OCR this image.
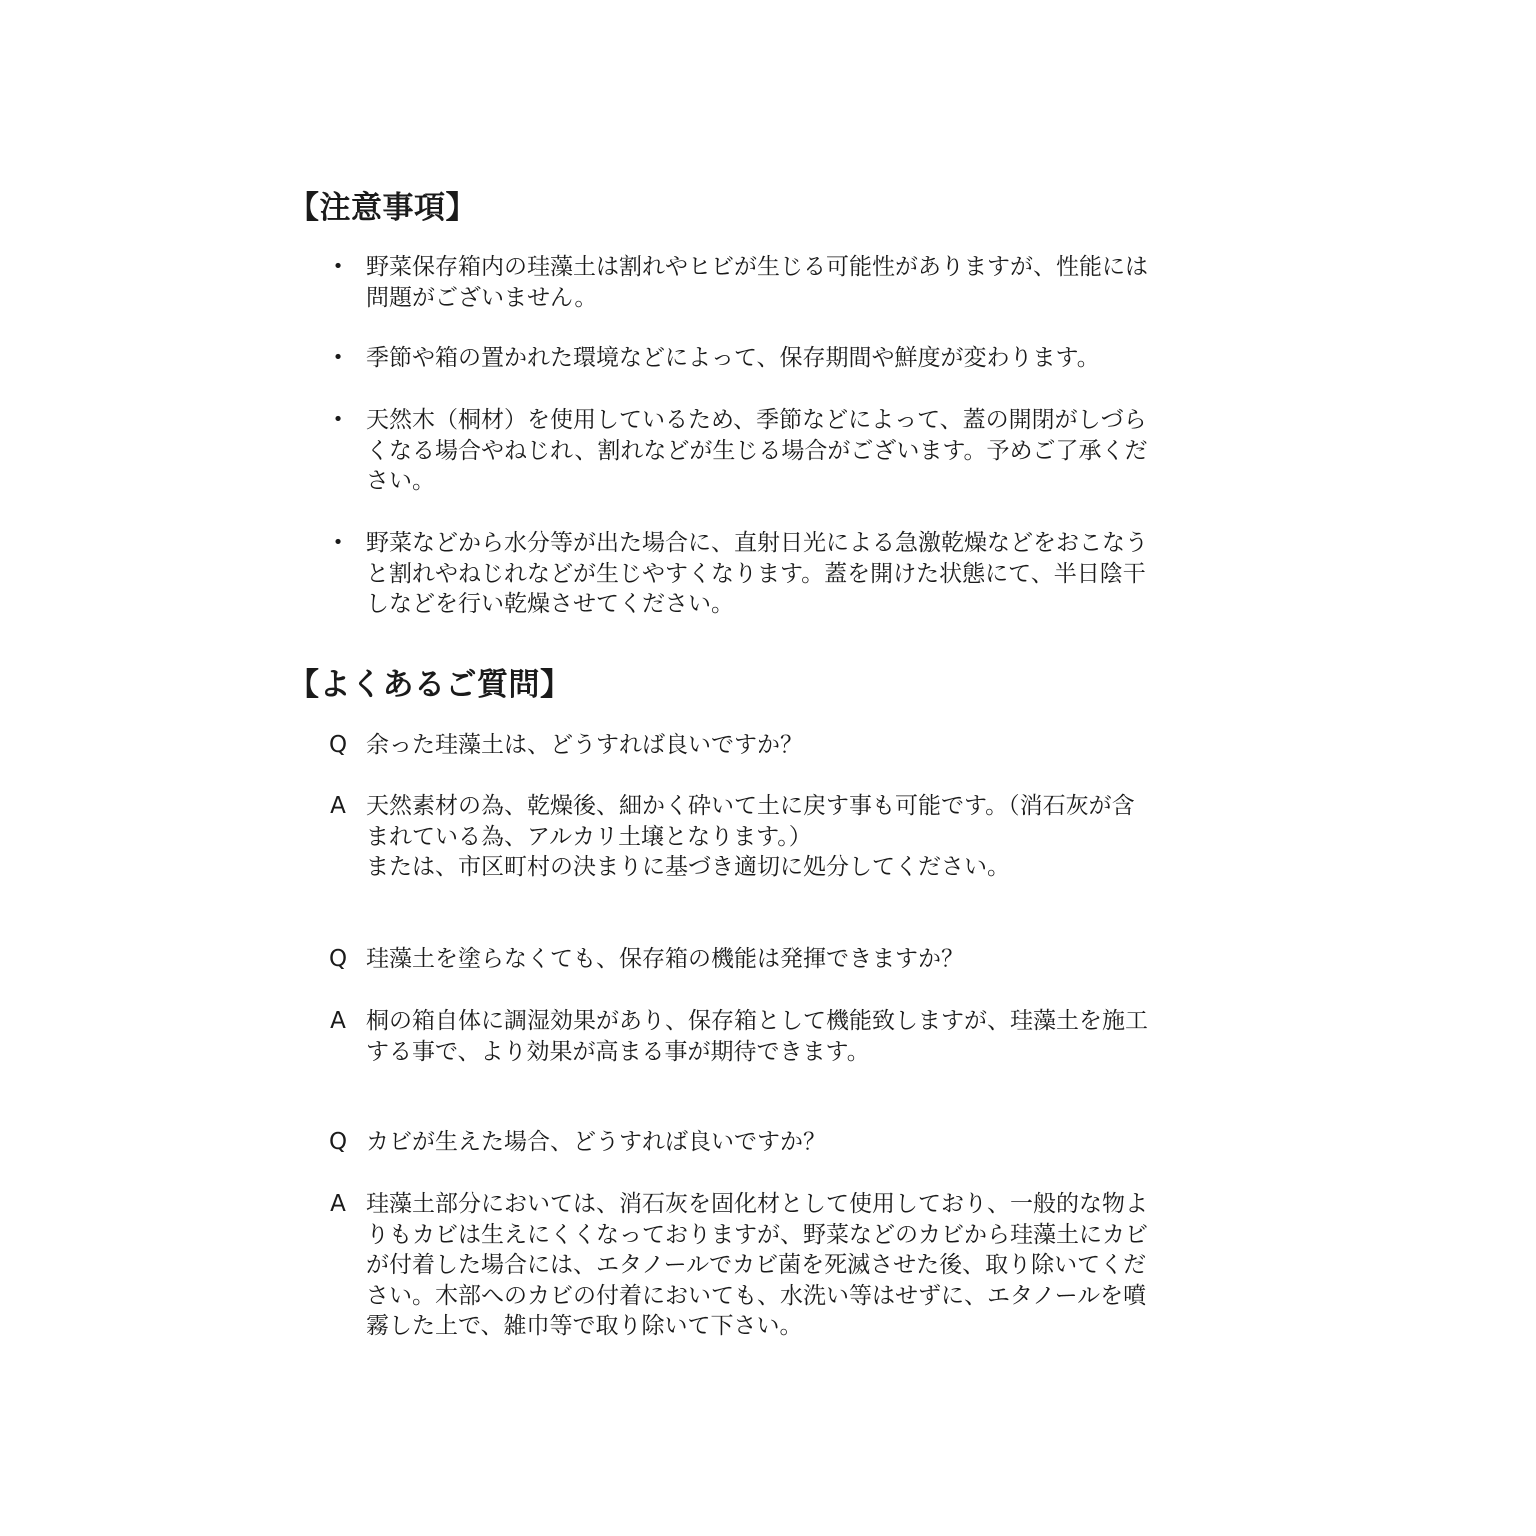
【注意事項】
• 野菜保存箱内の珪藻土は割れやヒビが生じる可能性がありますが、性能には
問題がございません。
• 季節や箱の置かれた環境などによって、保存期間や鮮度が変わります。
• 天然木（桐材）を使用しているため、季節などによって、蓋の開閉がしづら
くなる場合やねじれ、割れなどが生じる場合がございます。予めご了承くだ
さい。
• 野菜などから水分等が出た場合に、直射日光による急激乾燥などをおこなう
と割れやねじれなどが生じやすくなります。蓋を開けた状態にて、半日陰干
しなどを行い乾燥させてください。
【よくあるご質問】
Q 余った珪藻土は、どうすれば良いですか？
A 天然素材の為、乾燥後、細かく砕いて土に戻す事も可能です。（消石灰が含
まれている為、アルカリ土壌となります。）
または、市区町村の決まりに基づき適切に処分してください。
Q 珪藻土を塗らなくても、保存箱の機能は発揮できますか？
A 桐の箱自体に調湿効果があり、保存箱として機能致しますが、珪藻土を施工
する事で、より効果が高まる事が期待できます。
Q カビが生えた場合、どうすれば良いですか？
A 珪藻土部分においては、消石灰を固化材として使用しており、一般的な物よ
りもカビは生えにくくなっておりますが、野菜などのカビから珪藻土にカビ
が付着した場合には、エタノールでカビ菌を死滅させた後、取り除いてくだ
さい。木部へのカビの付着においても、水洗い等はせずに、エタノールを噴
霧した上で、雑巾等で取り除いて下さい。
